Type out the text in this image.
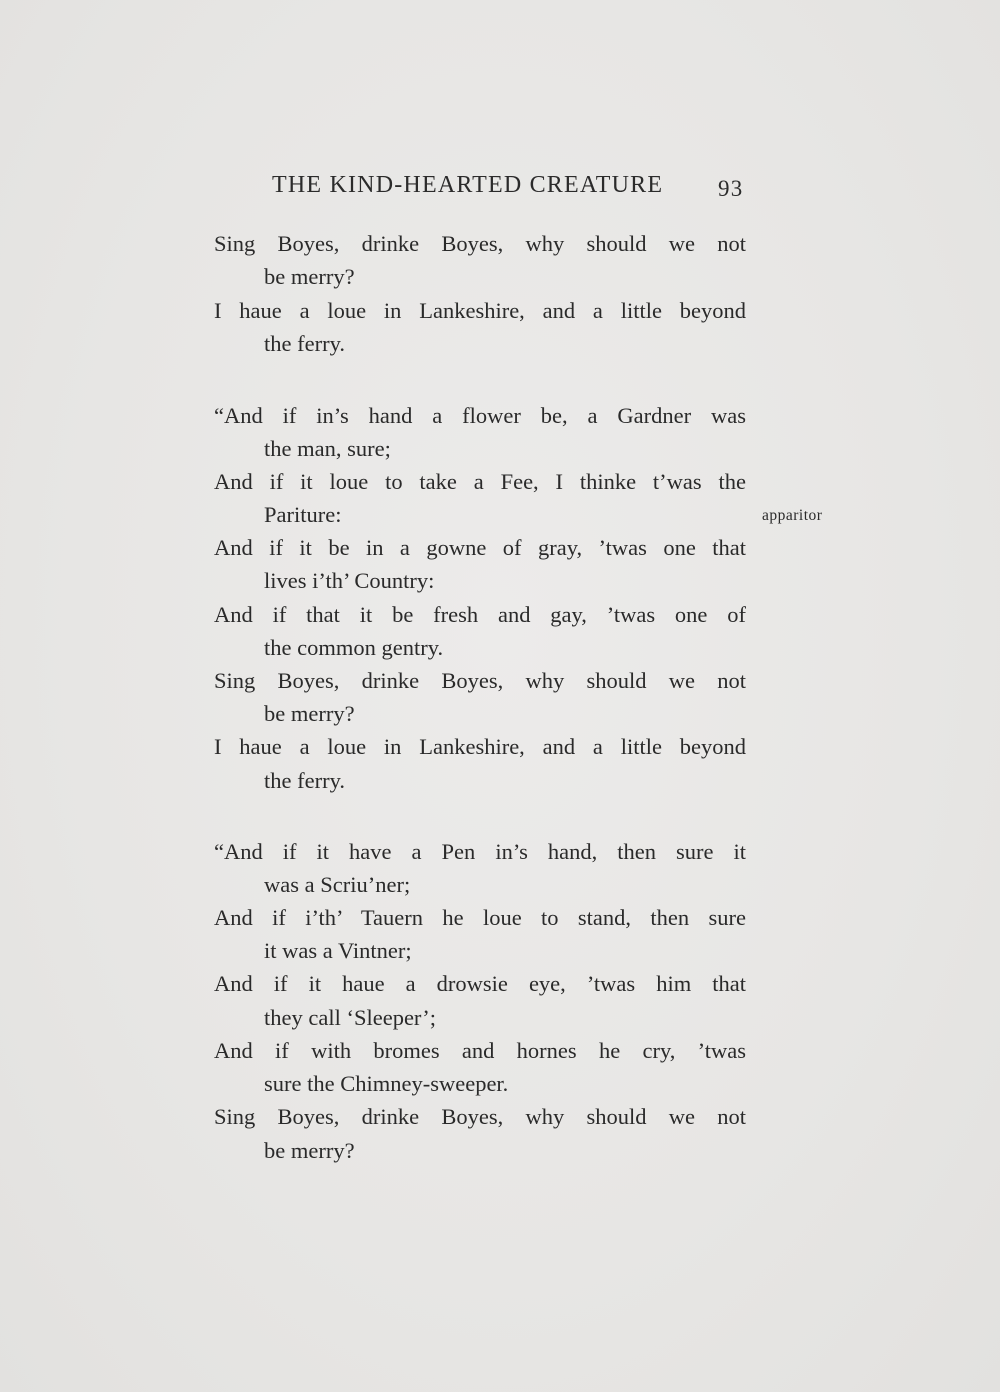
THE KIND-HEARTED CREATURE 93
Sing Boyes, drinke Boyes, why should we not
be merry?
I haue a loue in Lankeshire, and a little beyond
the ferry.
“And if in’s hand a flower be, a Gardner was
the man, sure;
And if it loue to take a Fee, I thinke t’was the
Pariture:
And if it be in a gowne of gray, ’twas one that
lives i’th’ Country:
And if that it be fresh and gay, ’twas one of
the common gentry.
Sing Boyes, drinke Boyes, why should we not
be merry?
I haue a loue in Lankeshire, and a little beyond
the ferry.
apparitor
“And if it have a Pen in’s hand, then sure it
was a Scriu’ner;
And if i’th’ Tauern he loue to stand, then sure
it was a Vintner;
And if it haue a drowsie eye, ’twas him that
they call ‘Sleeper’;
And if with bromes and hornes he cry, ’twas
sure the Chimney-sweeper.
Sing Boyes, drinke Boyes, why should we not
be merry?
